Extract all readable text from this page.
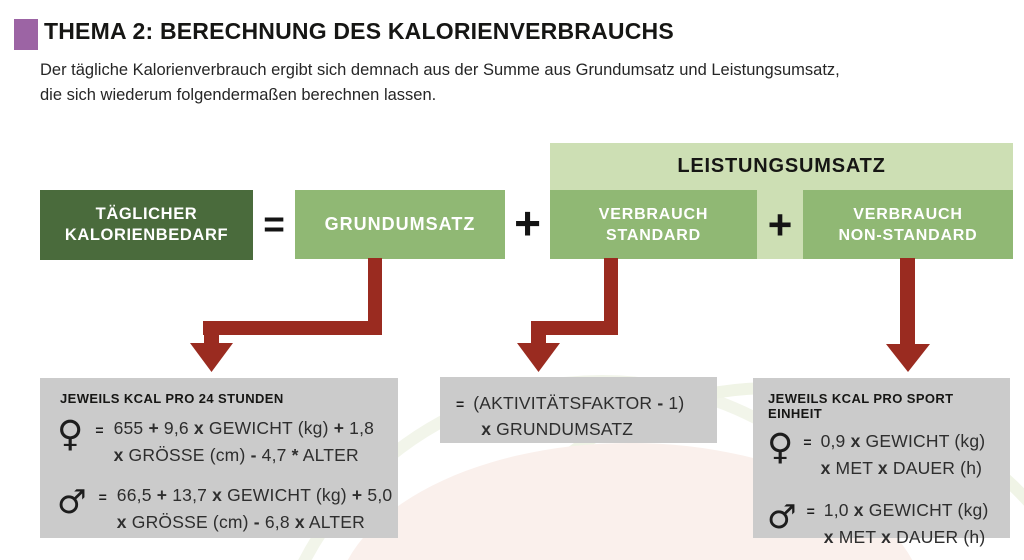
THEMA 2: BERECHNUNG DES KALORIENVERBRAUCHS
Der tägliche Kalorienverbrauch ergibt sich demnach aus der Summe aus Grundumsatz und Leistungsumsatz,
die sich wiederum folgendermaßen berechnen lassen.
TÄGLICHER
KALORIENBEDARF =	GRUNDUMSATZ +
LEISTUNGSUMSATZ
VERBRAUCH
STANDARD +	VERBRAUCH
NON-STANDARD
JEWEILS KCAL PRO 24 STUNDEN
♀ = 655 + 9,6 x GEWICHT (kg) + 1,8
x GRÖSSE (cm) - 4,7 * ALTER
♂ = 66,5 + 13,7 x GEWICHT (kg) + 5,0
x GRÖSSE (cm) - 6,8 x ALTER
= (AKTIVITÄTSFAKTOR - 1)
x GRUNDUMSATZ
JEWEILS KCAL PRO SPORT EINHEIT
♀ = 0,9 x GEWICHT (kg)
x MET x DAUER (h)
♂ = 1,0 x GEWICHT (kg)
x MET x DAUER (h)
